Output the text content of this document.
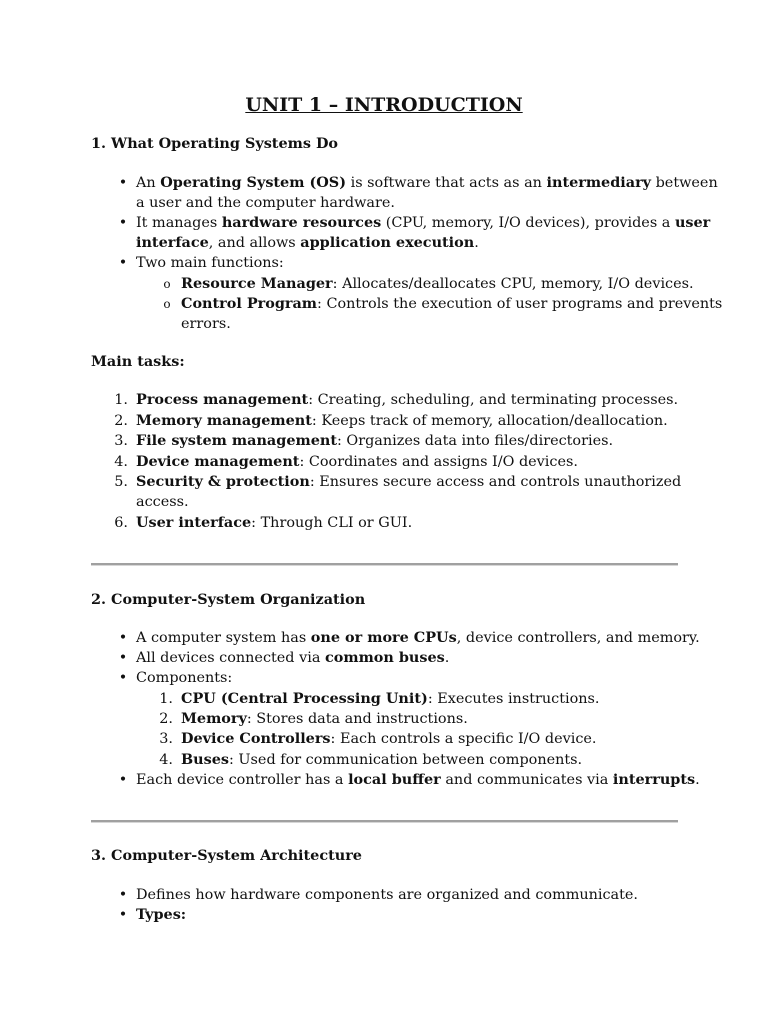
UNIT 1 – INTRODUCTION
1. What Operating Systems Do
• An Operating System (OS) is software that acts as an intermediary between
a user and the computer hardware.
• It manages hardware resources (CPU, memory, I/O devices), provides a user
interface, and allows application execution.
• Two main functions:
o Resource Manager: Allocates/deallocates CPU, memory, I/O devices.
o Control Program: Controls the execution of user programs and prevents
errors.
Main tasks:
1. Process management: Creating, scheduling, and terminating processes.
2. Memory management: Keeps track of memory, allocation/deallocation.
3. File system management: Organizes data into files/directories.
4. Device management: Coordinates and assigns I/O devices.
5. Security & protection: Ensures secure access and controls unauthorized
access.
6. User interface: Through CLI or GUI.
2. Computer-System Organization
• A computer system has one or more CPUs, device controllers, and memory.
• All devices connected via common buses.
• Components:
1. CPU (Central Processing Unit): Executes instructions.
2. Memory: Stores data and instructions.
3. Device Controllers: Each controls a specific I/O device.
4. Buses: Used for communication between components.
• Each device controller has a local buffer and communicates via interrupts.
3. Computer-System Architecture
• Defines how hardware components are organized and communicate.
• Types:
